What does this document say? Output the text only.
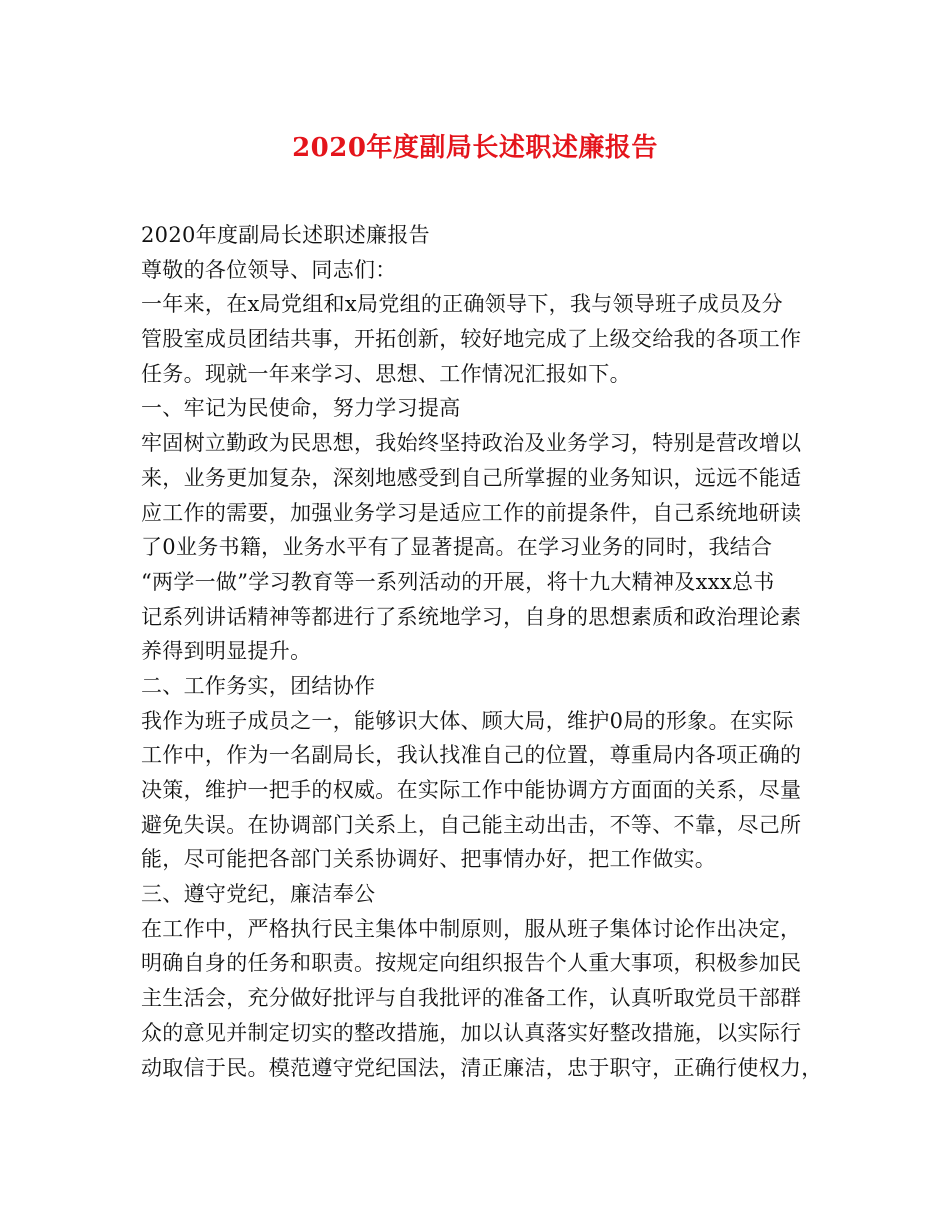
2020年度副局长述职述廉报告
2020年度副局长述职述廉报告
尊敬的各位领导、同志们：
一年来，在x局党组和x局党组的正确领导下，我与领导班子成员及分
管股室成员团结共事，开拓创新，较好地完成了上级交给我的各项工作
任务。现就一年来学习、思想、工作情况汇报如下。
一、牢记为民使命，努力学习提高
牢固树立勤政为民思想，我始终坚持政治及业务学习，特别是营改增以
来，业务更加复杂，深刻地感受到自己所掌握的业务知识，远远不能适
应工作的需要，加强业务学习是适应工作的前提条件，自己系统地研读
了0业务书籍，业务水平有了显著提高。在学习业务的同时，我结合
“两学一做”学习教育等一系列活动的开展，将十九大精神及xxx总书
记系列讲话精神等都进行了系统地学习，自身的思想素质和政治理论素
养得到明显提升。
二、工作务实，团结协作
我作为班子成员之一，能够识大体、顾大局，维护0局的形象。在实际
工作中，作为一名副局长，我认找准自己的位置，尊重局内各项正确的
决策，维护一把手的权威。在实际工作中能协调方方面面的关系，尽量
避免失误。在协调部门关系上，自己能主动出击，不等、不靠，尽己所
能，尽可能把各部门关系协调好、把事情办好，把工作做实。
三、遵守党纪，廉洁奉公
在工作中，严格执行民主集体中制原则，服从班子集体讨论作出决定，
明确自身的任务和职责。按规定向组织报告个人重大事项，积极参加民
主生活会，充分做好批评与自我批评的准备工作，认真听取党员干部群
众的意见并制定切实的整改措施，加以认真落实好整改措施，以实际行
动取信于民。模范遵守党纪国法，清正廉洁，忠于职守，正确行使权力，
